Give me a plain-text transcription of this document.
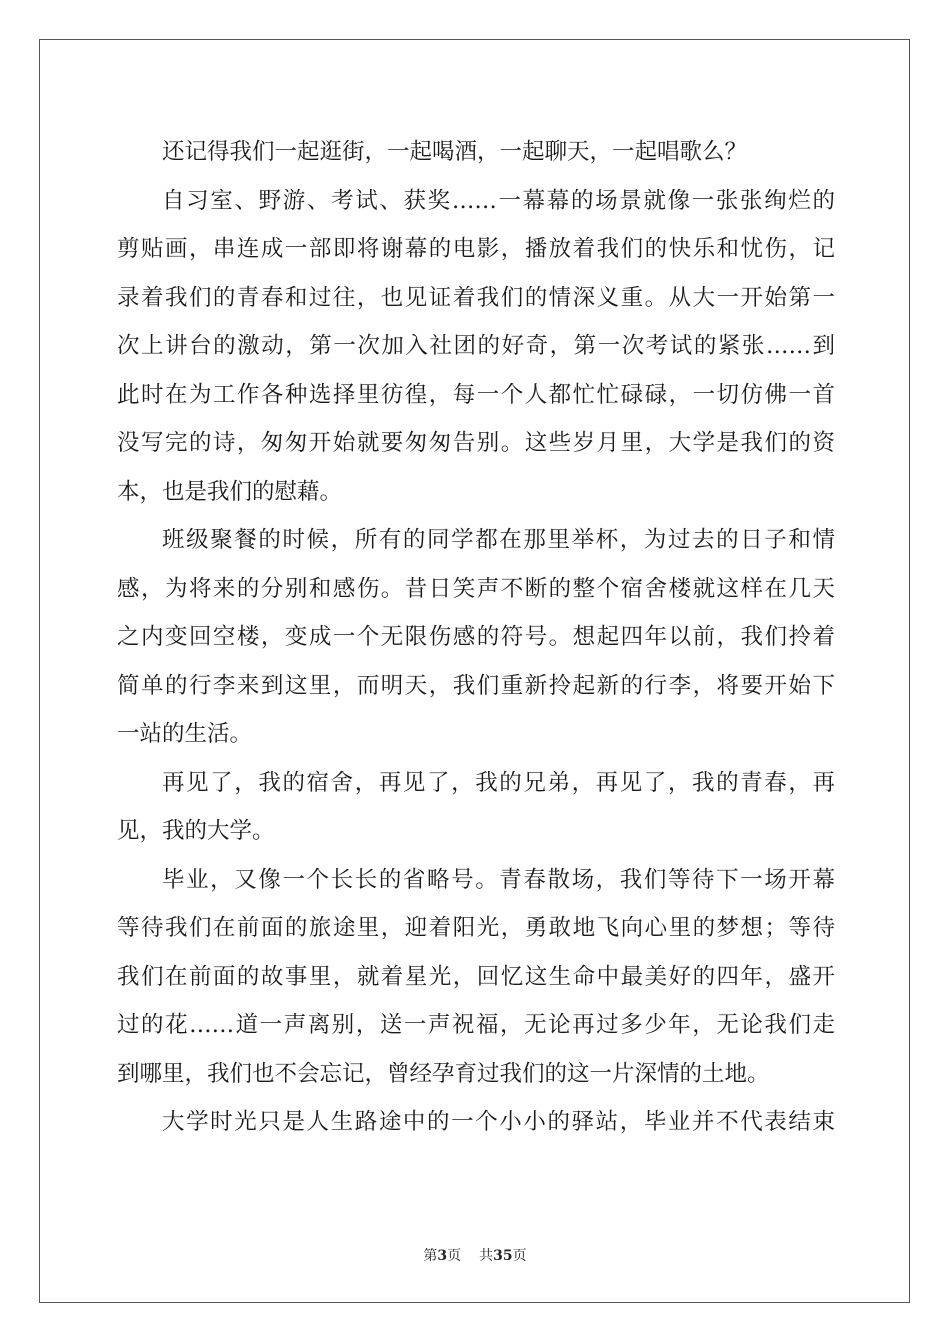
还记得我们一起逛街，一起喝酒，一起聊天，一起唱歌么？
自习室、野游、考试、获奖……一幕幕的场景就像一张张绚烂的
剪贴画，串连成一部即将谢幕的电影，播放着我们的快乐和忧伤，记
录着我们的青春和过往，也见证着我们的情深义重。从大一开始第一
次上讲台的激动，第一次加入社团的好奇，第一次考试的紧张……到
此时在为工作各种选择里彷徨，每一个人都忙忙碌碌，一切仿佛一首
没写完的诗，匆匆开始就要匆匆告别。这些岁月里，大学是我们的资
本，也是我们的慰藉。
班级聚餐的时候，所有的同学都在那里举杯，为过去的日子和情
感，为将来的分别和感伤。昔日笑声不断的整个宿舍楼就这样在几天
之内变回空楼，变成一个无限伤感的符号。想起四年以前，我们拎着
简单的行李来到这里，而明天，我们重新拎起新的行李，将要开始下
一站的生活。
再见了，我的宿舍，再见了，我的兄弟，再见了，我的青春，再
见，我的大学。
毕业，又像一个长长的省略号。青春散场，我们等待下一场开幕
等待我们在前面的旅途里，迎着阳光，勇敢地飞向心里的梦想；等待
我们在前面的故事里，就着星光，回忆这生命中最美好的四年，盛开
过的花……道一声离别，送一声祝福，无论再过多少年，无论我们走
到哪里，我们也不会忘记，曾经孕育过我们的这一片深情的土地。
大学时光只是人生路途中的一个小小的驿站，毕业并不代表结束
第3页 共35页
